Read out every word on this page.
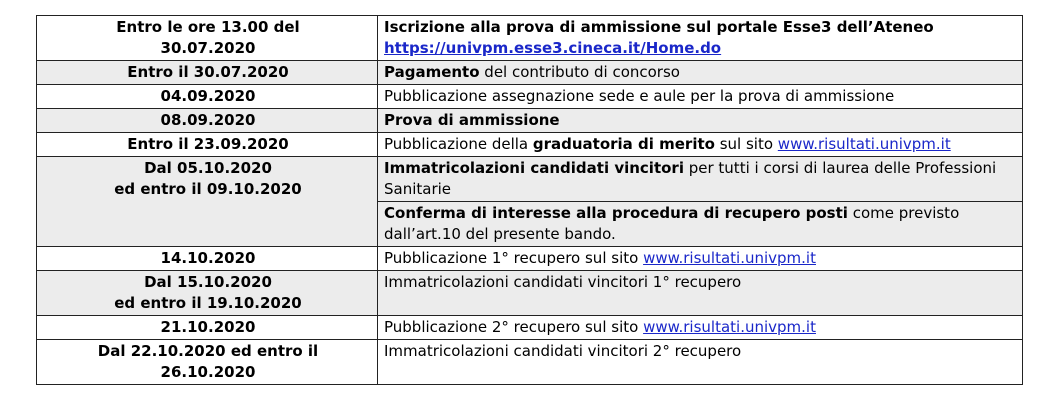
Entro le ore 13.00 del
30.07.2020	Iscrizione alla prova di ammissione sul portale Esse3 dell’Ateneo
https://univpm.esse3.cineca.it/Home.do
Entro il 30.07.2020	Pagamento del contributo di concorso
04.09.2020	Pubblicazione assegnazione sede e aule per la prova di ammissione
08.09.2020	Prova di ammissione
Entro il 23.09.2020	Pubblicazione della graduatoria di merito sul sito www.risultati.univpm.it
Dal 05.10.2020
ed entro il 09.10.2020	Immatricolazioni candidati vincitori per tutti i corsi di laurea delle Professioni Sanitarie
	Conferma di interesse alla procedura di recupero posti come previsto dall’art.10 del presente bando.
14.10.2020	Pubblicazione 1° recupero sul sito www.risultati.univpm.it
Dal 15.10.2020
ed entro il 19.10.2020	Immatricolazioni candidati vincitori 1° recupero
21.10.2020	Pubblicazione 2° recupero sul sito www.risultati.univpm.it
Dal 22.10.2020 ed entro il
26.10.2020	Immatricolazioni candidati vincitori 2° recupero
